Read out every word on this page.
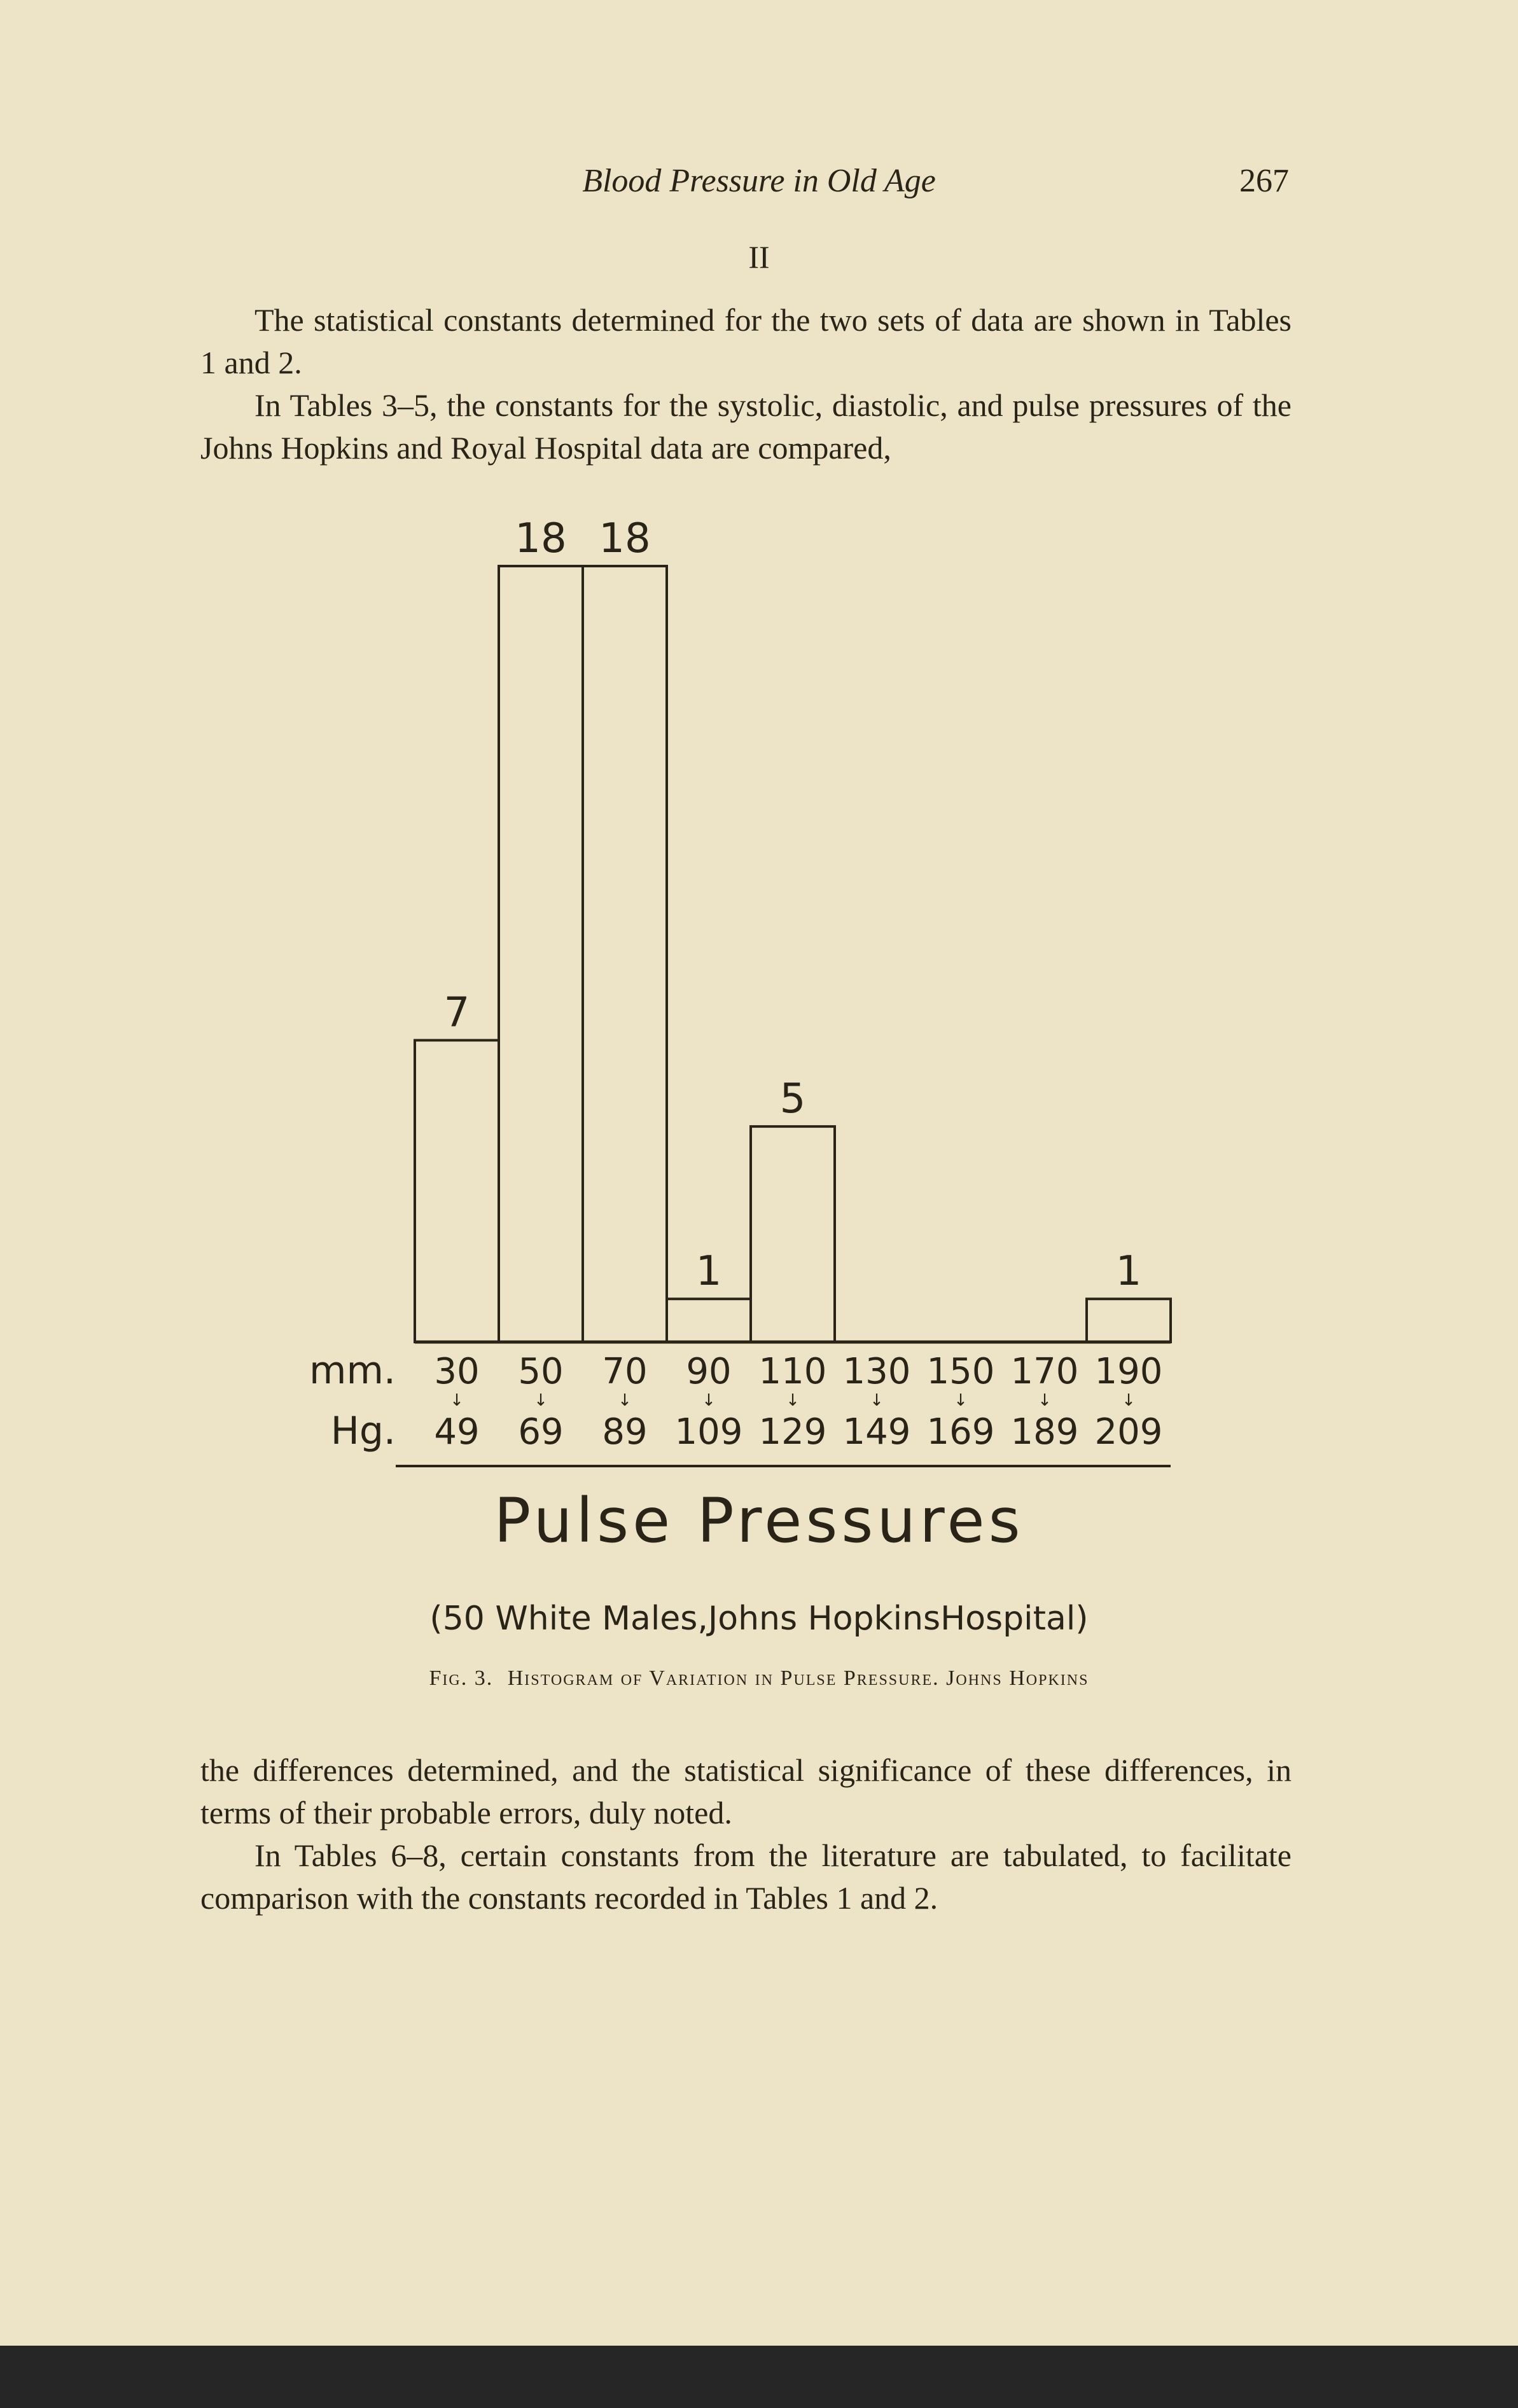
Blood Pressure in Old Age	267
II

The statistical constants determined for the two sets of data are shown in Tables 1 and 2.

In Tables 3–5, the constants for the systolic, diastolic, and pulse pressures of the Johns Hopkins and Royal Hospital data are compared,

7
18 18
1
5
1
mm.
Hg.
30
↓
49
50
↓
69
70
↓
89
90
↓
109
110
↓
129
130
↓
149
150
↓
169
170
↓
189
190
↓
209
Pulse Pressures
(50 White Males,Johns HopkinsHospital)
Fig. 3. Histogram of Variation in Pulse Pressure. Johns Hopkins

the differences determined, and the statistical significance of these differences, in terms of their probable errors, duly noted.

In Tables 6–8, certain constants from the literature are tabulated, to facilitate comparison with the constants recorded in Tables 1 and 2.
